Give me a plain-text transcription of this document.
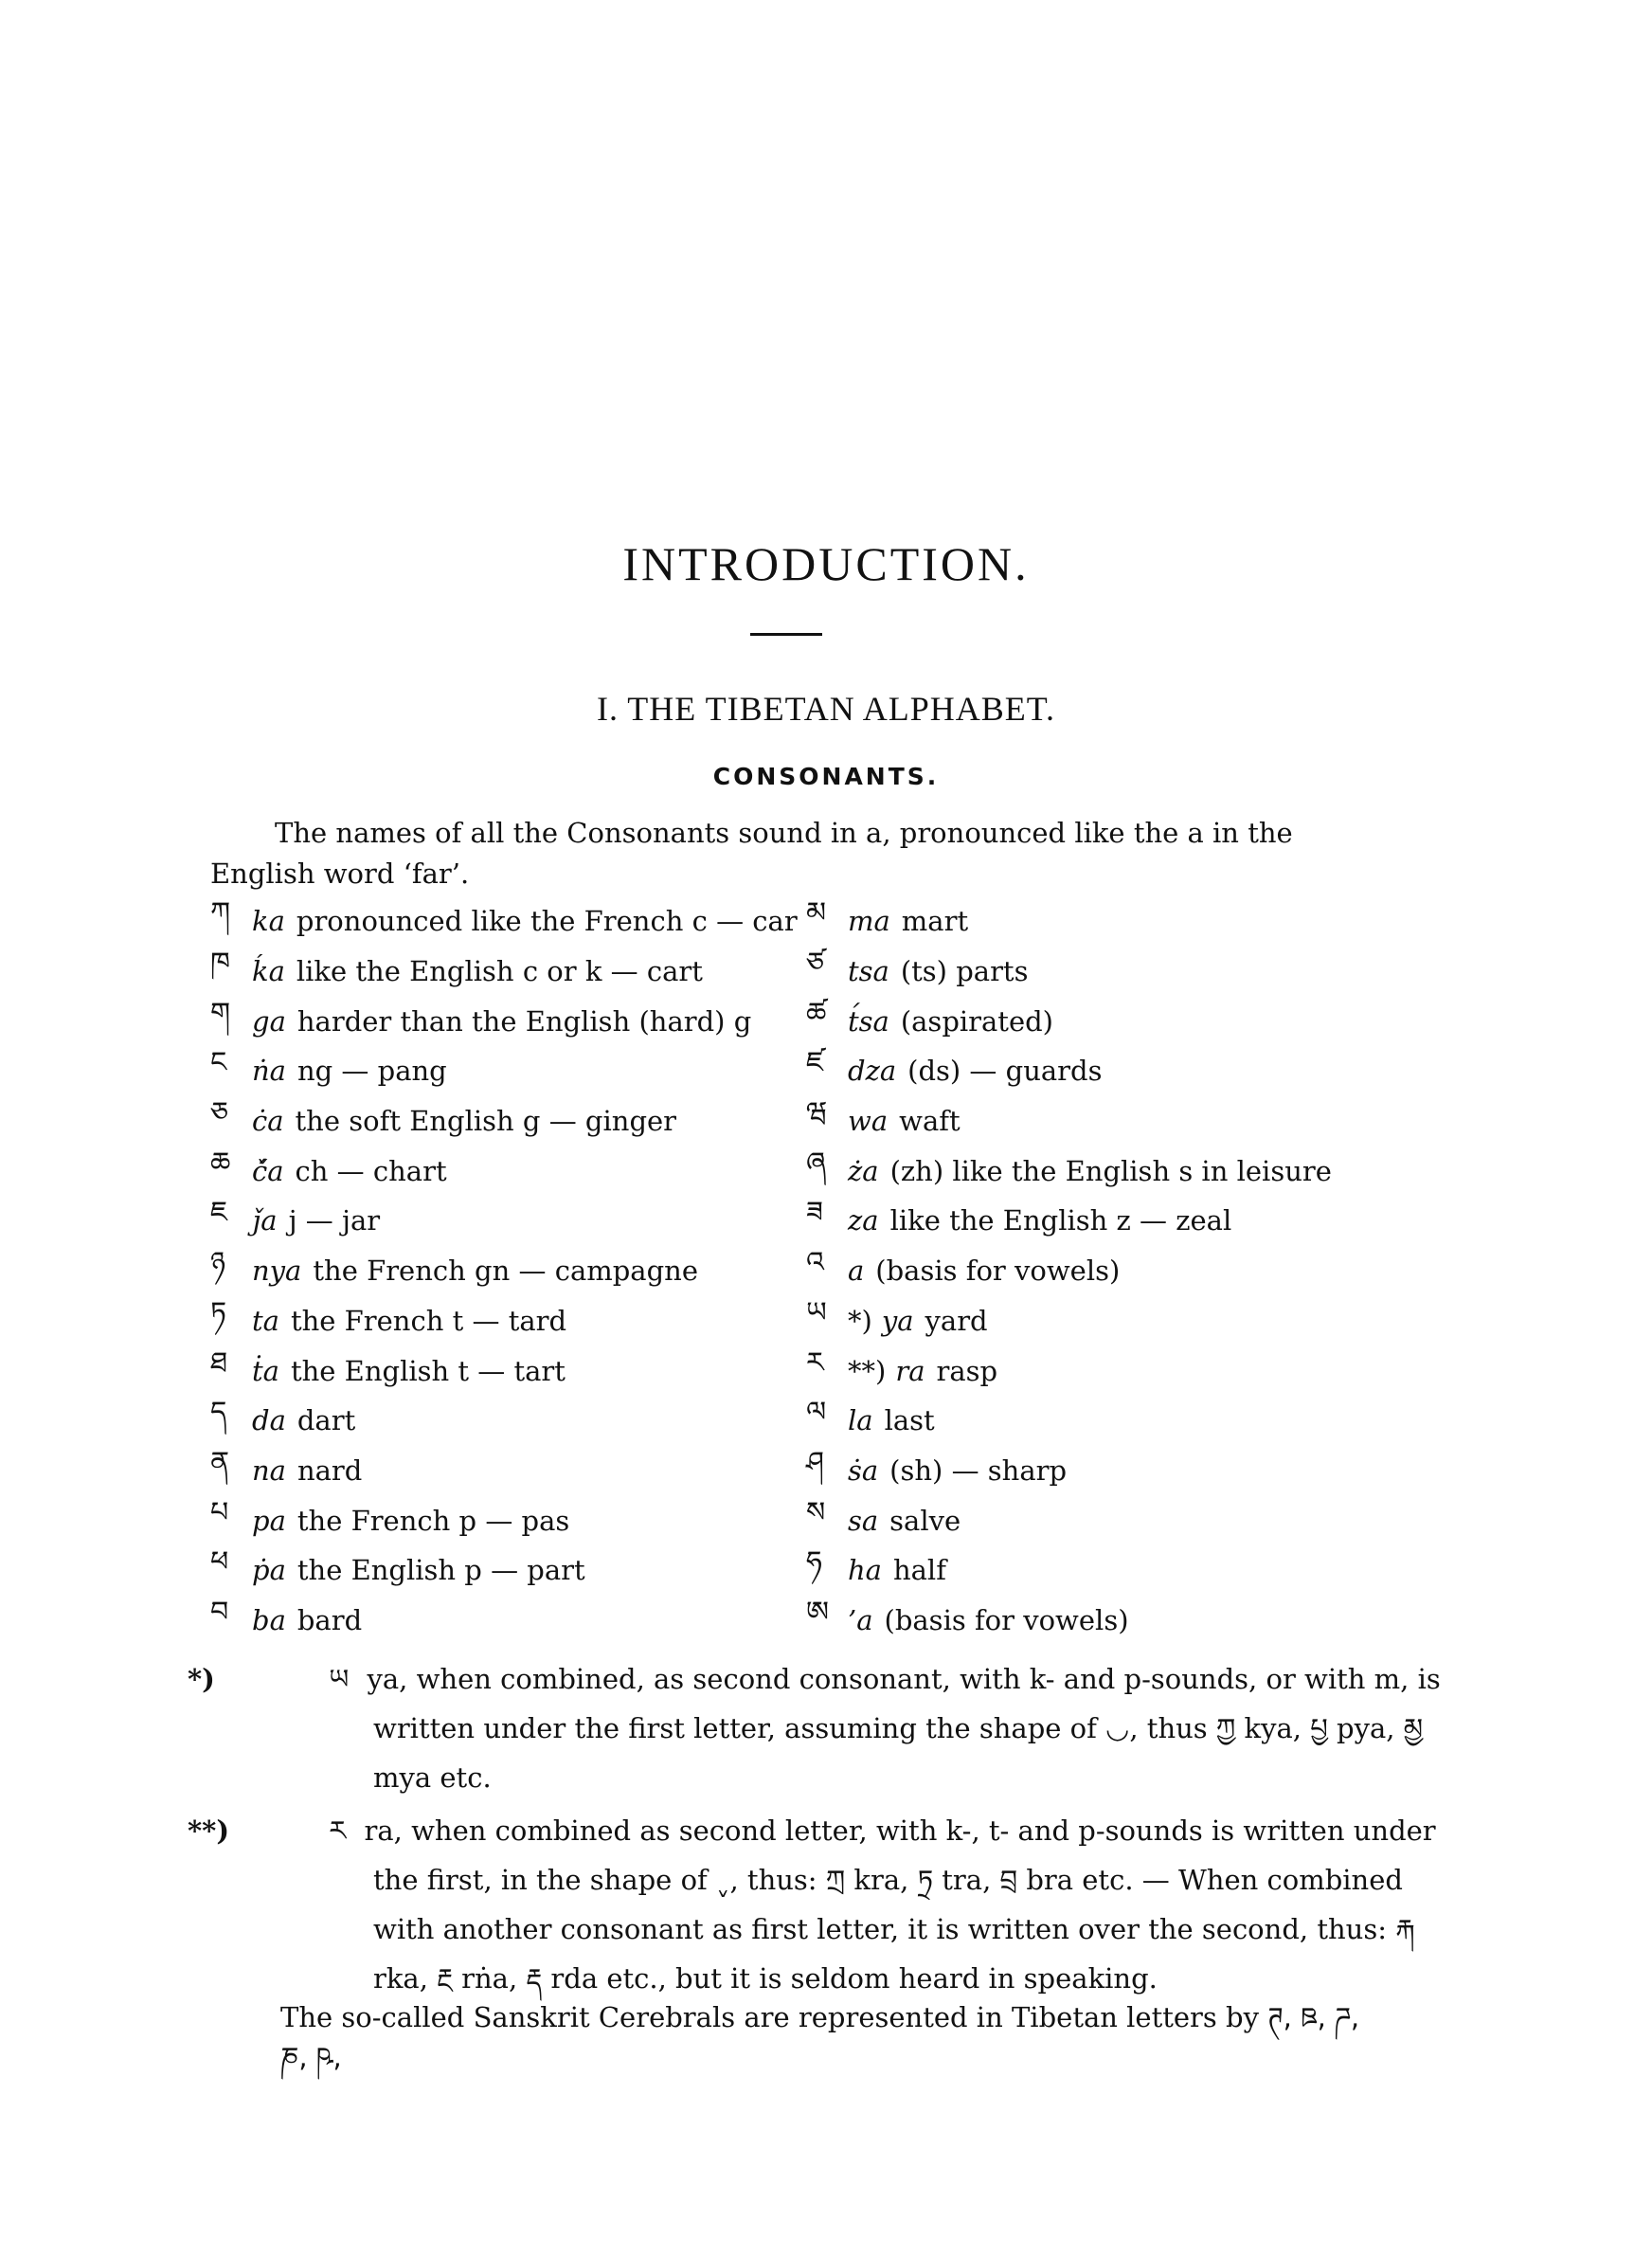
INTRODUCTION.
I. THE TIBETAN ALPHABET.
CONSONANTS.
The names of all the Consonants sound in a, pronounced like the a in the English word ‘far’.
ཀ ka pronounced like the French c — car
ཁ ḱa like the English c or k — cart
ག ga harder than the English (hard) g
ང ṅa ng — pang
ཅ ċa the soft English g — ginger
ཆ č́a ch — chart
ཇ ǰa j — jar
ཉ nya the French gn — campagne
ཏ ta the French t — tard
ཐ ṫa the English t — tart
ད da dart
ན na nard
པ pa the French p — pas
ཕ ṗa the English p — part
བ ba bard
མ ma mart
ཙ tsa (ts) parts
ཚ t́sa (aspirated)
ཛ dza (ds) — guards
ཝ wa waft
ཞ ża (zh) like the English s in leisure
ཟ za like the English z — zeal
འ a (basis for vowels)
ཡ *) ya yard
ར **) ra rasp
ལ la last
ཤ ṡa (sh) — sharp
ས sa salve
ཧ ha half
ཨ ’a (basis for vowels)
*)	ཡ ya, when combined, as second consonant, with k- and p-sounds, or with m, is written under the first letter, assuming the shape of ◡, thus ཀྱ kya, པྱ pya, མྱ mya etc.
**)	ར ra, when combined as second letter, with k-, t- and p-sounds is written under the first, in the shape of ˬ, thus: ཀྲ kra, ཏྲ tra, བྲ bra etc. — When combined with another consonant as first letter, it is written over the second, thus: རྐ rka, རྔ rṅa, རྡ rda etc., but it is seldom heard in speaking.
The so-called Sanskrit Cerebrals are represented in Tibetan letters by ཊ, ཋ, ཌ, ཎ, ཥ,
